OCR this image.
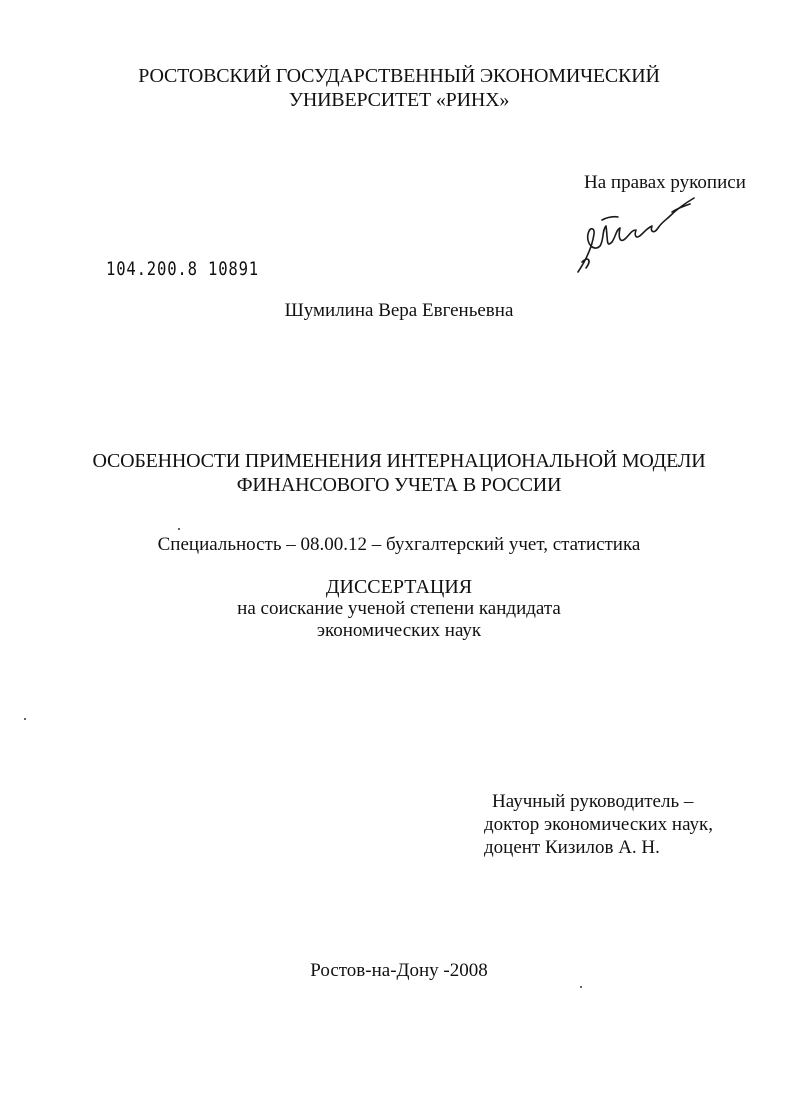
РОСТОВСКИЙ ГОСУДАРСТВЕННЫЙ ЭКОНОМИЧЕСКИЙ
УНИВЕРСИТЕТ «РИНХ»
На правах рукописи
104.200.8 10891
Шумилина Вера Евгеньевна
ОСОБЕННОСТИ ПРИМЕНЕНИЯ ИНТЕРНАЦИОНАЛЬНОЙ МОДЕЛИ
ФИНАНСОВОГО УЧЕТА В РОССИИ
Специальность – 08.00.12 – бухгалтерский учет, статистика
ДИССЕРТАЦИЯ
на соискание ученой степени кандидата
экономических наук
Научный руководитель –
доктор экономических наук,
доцент Кизилов А. Н.
Ростов-на-Дону -2008
